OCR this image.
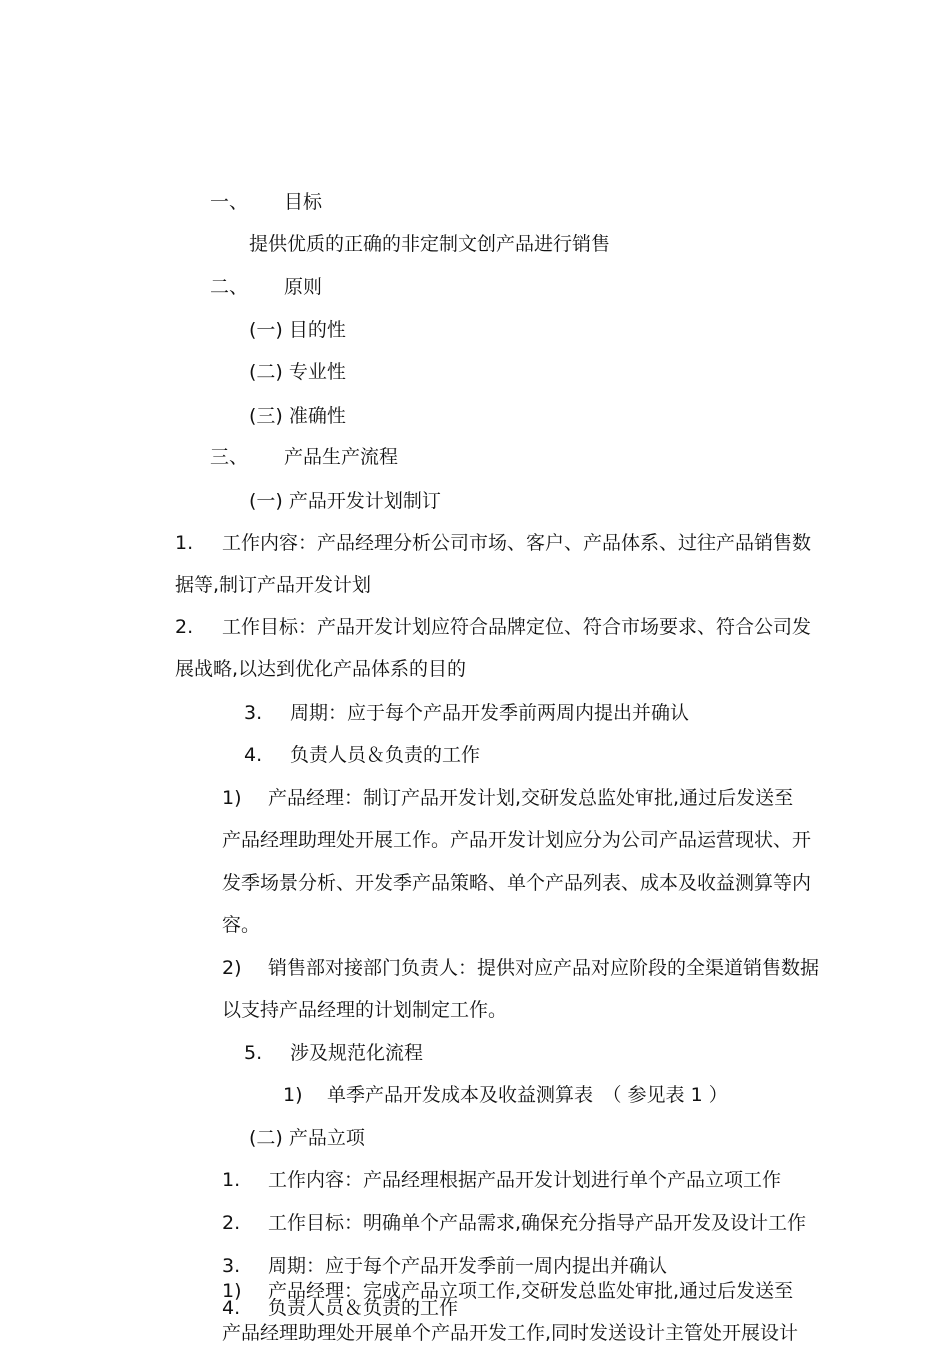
一、 目标
提供优质的正确的非定制文创产品进行销售
二、 原则
(一) 目的性
(二) 专业性
(三) 准确性
三、 产品生产流程
(一) 产品开发计划制订
1. 工作内容：产品经理分析公司市场、客户、产品体系、过往产品销售数
据等,制订产品开发计划
2. 工作目标：产品开发计划应符合品牌定位、符合市场要求、符合公司发
展战略,以达到优化产品体系的目的
3. 周期：应于每个产品开发季前两周内提出并确认
4. 负责人员＆负责的工作
1) 产品经理：制订产品开发计划,交研发总监处审批,通过后发送至
产品经理助理处开展工作。产品开发计划应分为公司产品运营现状、开
发季场景分析、开发季产品策略、单个产品列表、成本及收益测算等内
容。
2) 销售部对接部门负责人：提供对应产品对应阶段的全渠道销售数据
以支持产品经理的计划制定工作。
5. 涉及规范化流程
1) 单季产品开发成本及收益测算表　（ 参见表 1 ）
(二) 产品立项
1. 工作内容：产品经理根据产品开发计划进行单个产品立项工作
2. 工作目标：明确单个产品需求,确保充分指导产品开发及设计工作
3. 周期：应于每个产品开发季前一周内提出并确认
1) 产品经理：完成产品立项工作,交研发总监处审批,通过后发送至
4. 负责人员＆负责的工作
产品经理助理处开展单个产品开发工作,同时发送设计主管处开展设计
